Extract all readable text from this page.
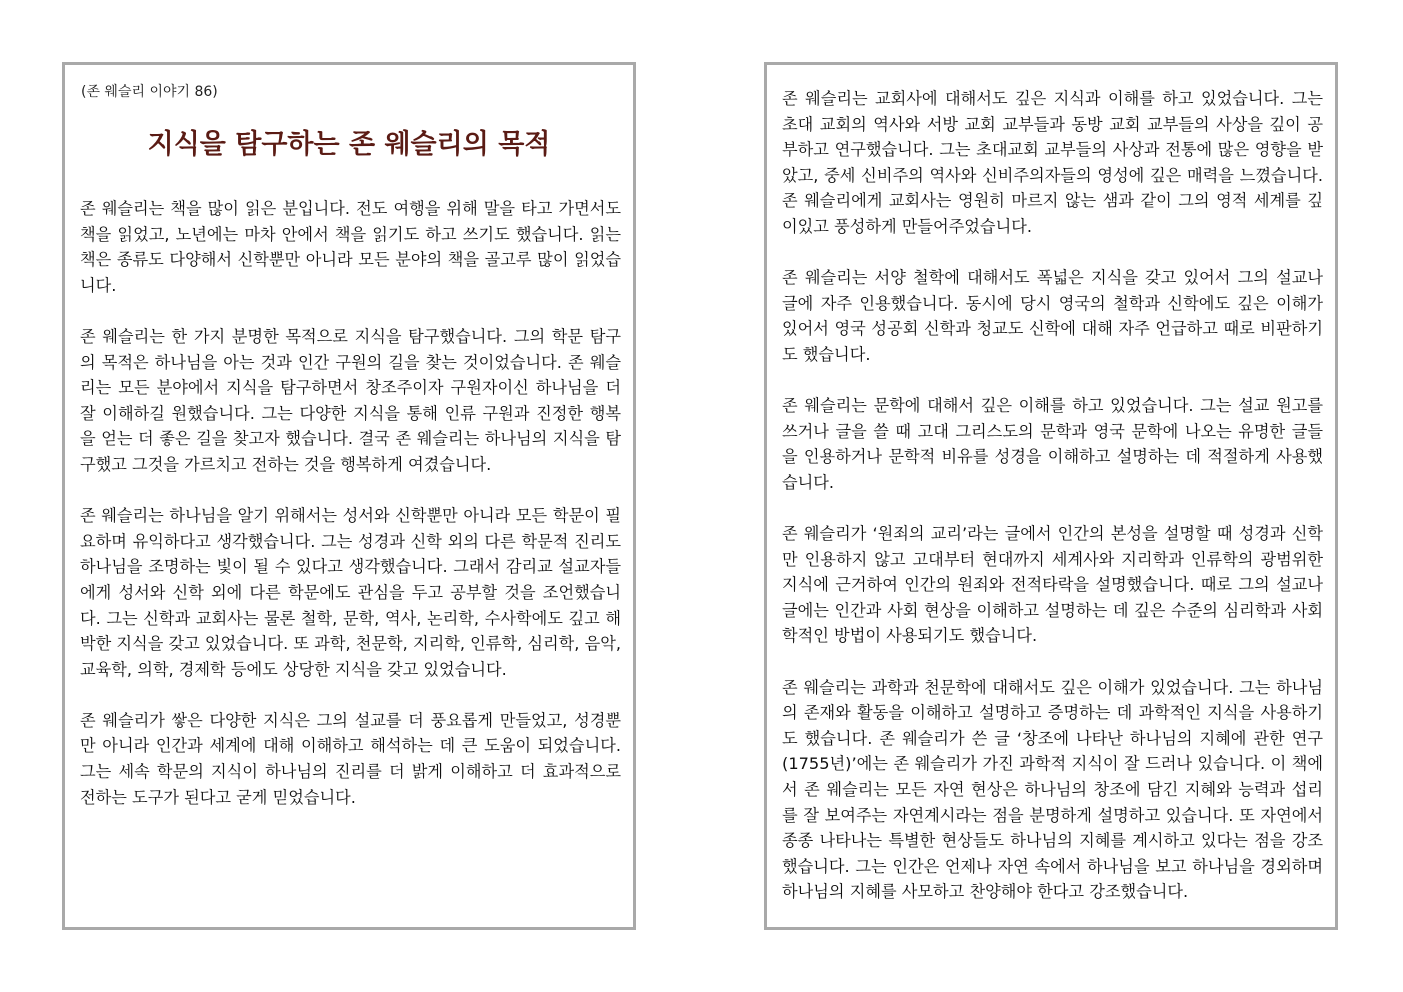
(존 웨슬리 이야기 86)
지식을 탐구하는 존 웨슬리의 목적

존 웨슬리는 책을 많이 읽은 분입니다. 전도 여행을 위해 말을 타고 가면서도 책을 읽었고, 노년에는 마차 안에서 책을 읽기도 하고 쓰기도 했습니다. 읽는 책은 종류도 다양해서 신학뿐만 아니라 모든 분야의 책을 골고루 많이 읽었습니다.

존 웨슬리는 한 가지 분명한 목적으로 지식을 탐구했습니다. 그의 학문 탐구의 목적은 하나님을 아는 것과 인간 구원의 길을 찾는 것이었습니다. 존 웨슬리는 모든 분야에서 지식을 탐구하면서 창조주이자 구원자이신 하나님을 더 잘 이해하길 원했습니다. 그는 다양한 지식을 통해 인류 구원과 진정한 행복을 얻는 더 좋은 길을 찾고자 했습니다. 결국 존 웨슬리는 하나님의 지식을 탐구했고 그것을 가르치고 전하는 것을 행복하게 여겼습니다.

존 웨슬리는 하나님을 알기 위해서는 성서와 신학뿐만 아니라 모든 학문이 필요하며 유익하다고 생각했습니다. 그는 성경과 신학 외의 다른 학문적 진리도 하나님을 조명하는 빛이 될 수 있다고 생각했습니다. 그래서 감리교 설교자들에게 성서와 신학 외에 다른 학문에도 관심을 두고 공부할 것을 조언했습니다. 그는 신학과 교회사는 물론 철학, 문학, 역사, 논리학, 수사학에도 깊고 해박한 지식을 갖고 있었습니다. 또 과학, 천문학, 지리학, 인류학, 심리학, 음악, 교육학, 의학, 경제학 등에도 상당한 지식을 갖고 있었습니다.

존 웨슬리가 쌓은 다양한 지식은 그의 설교를 더 풍요롭게 만들었고, 성경뿐만 아니라 인간과 세계에 대해 이해하고 해석하는 데 큰 도움이 되었습니다. 그는 세속 학문의 지식이 하나님의 진리를 더 밝게 이해하고 더 효과적으로 전하는 도구가 된다고 굳게 믿었습니다.

존 웨슬리는 교회사에 대해서도 깊은 지식과 이해를 하고 있었습니다. 그는 초대 교회의 역사와 서방 교회 교부들과 동방 교회 교부들의 사상을 깊이 공부하고 연구했습니다. 그는 초대교회 교부들의 사상과 전통에 많은 영향을 받았고, 중세 신비주의 역사와 신비주의자들의 영성에 깊은 매력을 느꼈습니다. 존 웨슬리에게 교회사는 영원히 마르지 않는 샘과 같이 그의 영적 세계를 깊이있고 풍성하게 만들어주었습니다.

존 웨슬리는 서양 철학에 대해서도 폭넓은 지식을 갖고 있어서 그의 설교나 글에 자주 인용했습니다. 동시에 당시 영국의 철학과 신학에도 깊은 이해가 있어서 영국 성공회 신학과 청교도 신학에 대해 자주 언급하고 때로 비판하기도 했습니다.

존 웨슬리는 문학에 대해서 깊은 이해를 하고 있었습니다. 그는 설교 원고를 쓰거나 글을 쓸 때 고대 그리스도의 문학과 영국 문학에 나오는 유명한 글들을 인용하거나 문학적 비유를 성경을 이해하고 설명하는 데 적절하게 사용했습니다.

존 웨슬리가 ‘원죄의 교리’라는 글에서 인간의 본성을 설명할 때 성경과 신학만 인용하지 않고 고대부터 현대까지 세계사와 지리학과 인류학의 광범위한 지식에 근거하여 인간의 원죄와 전적타락을 설명했습니다. 때로 그의 설교나 글에는 인간과 사회 현상을 이해하고 설명하는 데 깊은 수준의 심리학과 사회학적인 방법이 사용되기도 했습니다.

존 웨슬리는 과학과 천문학에 대해서도 깊은 이해가 있었습니다. 그는 하나님의 존재와 활동을 이해하고 설명하고 증명하는 데 과학적인 지식을 사용하기도 했습니다. 존 웨슬리가 쓴 글 ‘창조에 나타난 하나님의 지혜에 관한 연구(1755년)’에는 존 웨슬리가 가진 과학적 지식이 잘 드러나 있습니다. 이 책에서 존 웨슬리는 모든 자연 현상은 하나님의 창조에 담긴 지혜와 능력과 섭리를 잘 보여주는 자연계시라는 점을 분명하게 설명하고 있습니다. 또 자연에서 종종 나타나는 특별한 현상들도 하나님의 지혜를 계시하고 있다는 점을 강조했습니다. 그는 인간은 언제나 자연 속에서 하나님을 보고 하나님을 경외하며 하나님의 지혜를 사모하고 찬양해야 한다고 강조했습니다.
